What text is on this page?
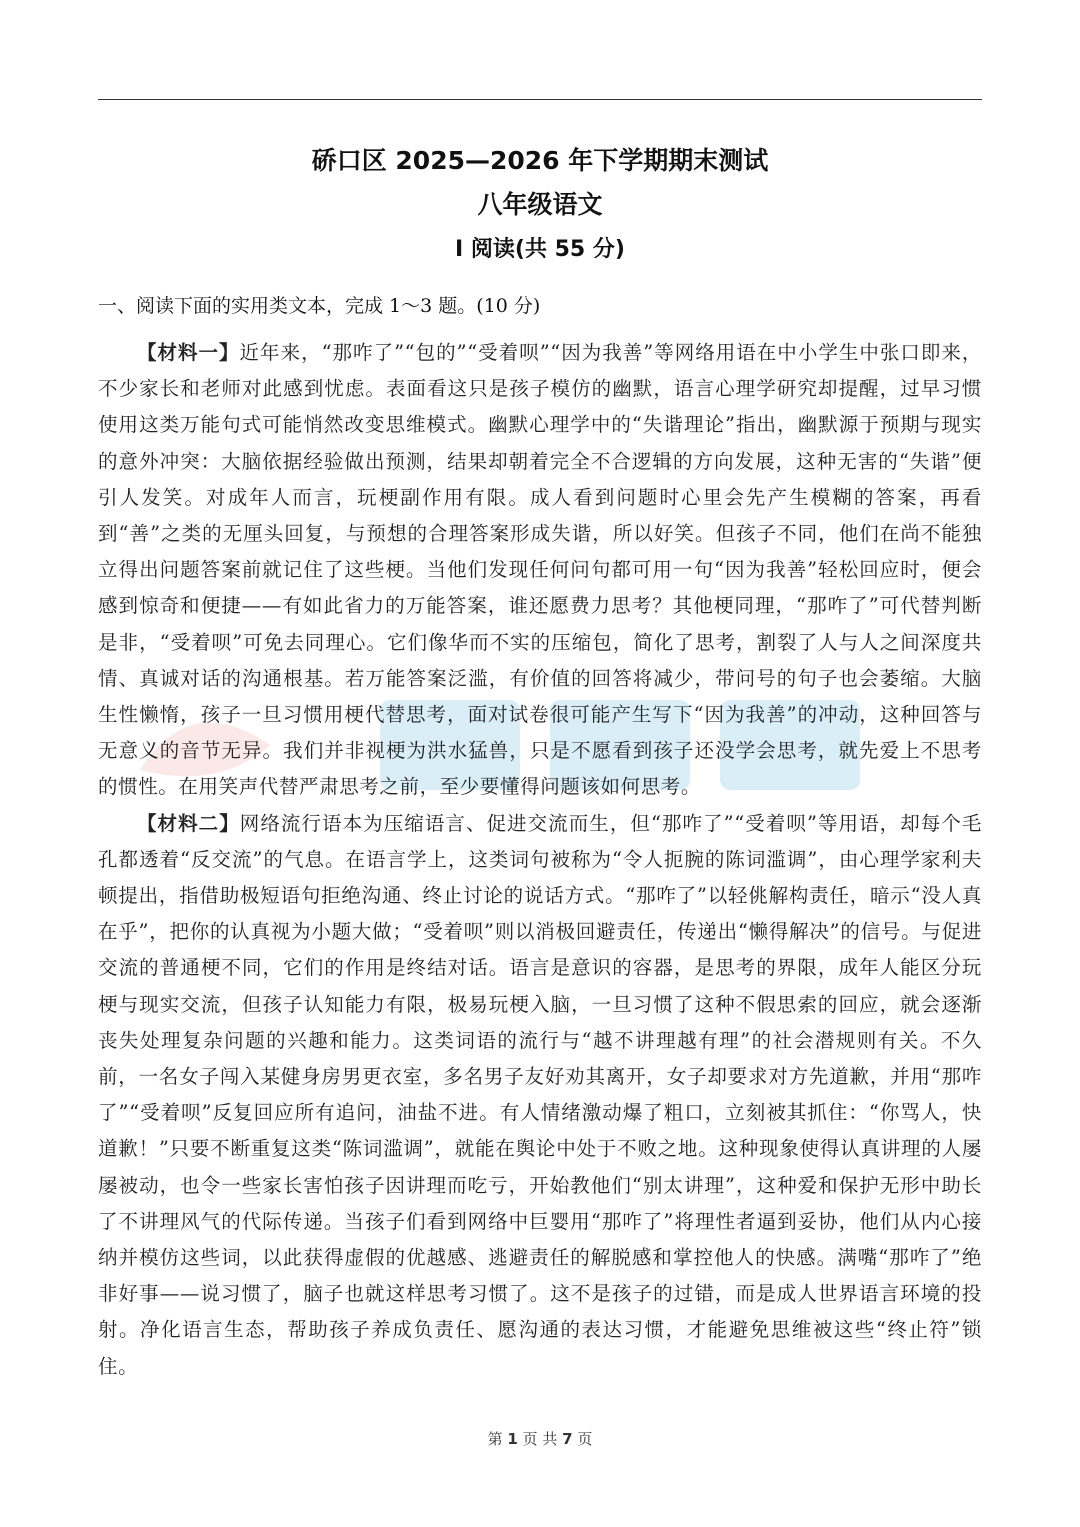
硚口区 2025—2026 年下学期期末测试
八年级语文
I 阅读(共 55 分)
一、阅读下面的实用类文本，完成 1～3 题。(10 分)

【材料一】近年来，“那咋了”“包的”“受着呗”“因为我善”等网络用语在中小学生中张口即来，不少家长和老师对此感到忧虑。表面看这只是孩子模仿的幽默，语言心理学研究却提醒，过早习惯使用这类万能句式可能悄然改变思维模式。幽默心理学中的“失谐理论”指出，幽默源于预期与现实的意外冲突：大脑依据经验做出预测，结果却朝着完全不合逻辑的方向发展，这种无害的“失谐”便引人发笑。对成年人而言，玩梗副作用有限。成人看到问题时心里会先产生模糊的答案，再看到“善”之类的无厘头回复，与预想的合理答案形成失谐，所以好笑。但孩子不同，他们在尚不能独立得出问题答案前就记住了这些梗。当他们发现任何问句都可用一句“因为我善”轻松回应时，便会感到惊奇和便捷——有如此省力的万能答案，谁还愿费力思考？其他梗同理，“那咋了”可代替判断是非，“受着呗”可免去同理心。它们像华而不实的压缩包，简化了思考，割裂了人与人之间深度共情、真诚对话的沟通根基。若万能答案泛滥，有价值的回答将减少，带问号的句子也会萎缩。大脑生性懒惰，孩子一旦习惯用梗代替思考，面对试卷很可能产生写下“因为我善”的冲动，这种回答与无意义的音节无异。我们并非视梗为洪水猛兽，只是不愿看到孩子还没学会思考，就先爱上不思考的惯性。在用笑声代替严肃思考之前，至少要懂得问题该如何思考。

【材料二】网络流行语本为压缩语言、促进交流而生，但“那咋了”“受着呗”等用语，却每个毛孔都透着“反交流”的气息。在语言学上，这类词句被称为“令人扼腕的陈词滥调”，由心理学家利夫顿提出，指借助极短语句拒绝沟通、终止讨论的说话方式。“那咋了”以轻佻解构责任，暗示“没人真在乎”，把你的认真视为小题大做；“受着呗”则以消极回避责任，传递出“懒得解决”的信号。与促进交流的普通梗不同，它们的作用是终结对话。语言是意识的容器，是思考的界限，成年人能区分玩梗与现实交流，但孩子认知能力有限，极易玩梗入脑，一旦习惯了这种不假思索的回应，就会逐渐丧失处理复杂问题的兴趣和能力。这类词语的流行与“越不讲理越有理”的社会潜规则有关。不久前，一名女子闯入某健身房男更衣室，多名男子友好劝其离开，女子却要求对方先道歉，并用“那咋了”“受着呗”反复回应所有追问，油盐不进。有人情绪激动爆了粗口，立刻被其抓住：“你骂人，快道歉！”只要不断重复这类“陈词滥调”，就能在舆论中处于不败之地。这种现象使得认真讲理的人屡屡被动，也令一些家长害怕孩子因讲理而吃亏，开始教他们“别太讲理”，这种爱和保护无形中助长了不讲理风气的代际传递。当孩子们看到网络中巨婴用“那咋了”将理性者逼到妥协，他们从内心接纳并模仿这些词，以此获得虚假的优越感、逃避责任的解脱感和掌控他人的快感。满嘴“那咋了”绝非好事——说习惯了，脑子也就这样思考习惯了。这不是孩子的过错，而是成人世界语言环境的投射。净化语言生态，帮助孩子养成负责任、愿沟通的表达习惯，才能避免思维被这些“终止符”锁住。

第 1 页 共 7 页
